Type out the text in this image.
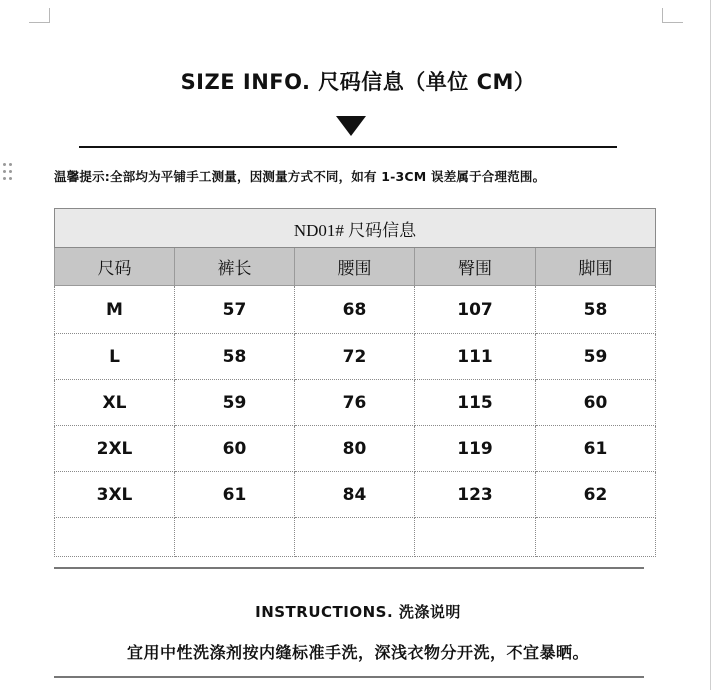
SIZE INFO. 尺码信息（单位 CM）
温馨提示:全部均为平铺手工测量，因测量方式不同，如有 1-3CM 误差属于合理范围。
ND01# 尺码信息				
尺码	裤长	腰围	臀围	脚围
M	57	68	107	58
L	58	72	111	59
XL	59	76	115	60
2XL	60	80	119	61
3XL	61	84	123	62

INSTRUCTIONS. 洗涤说明
宜用中性洗涤剂按内缝标准手洗，深浅衣物分开洗，不宜暴晒。
